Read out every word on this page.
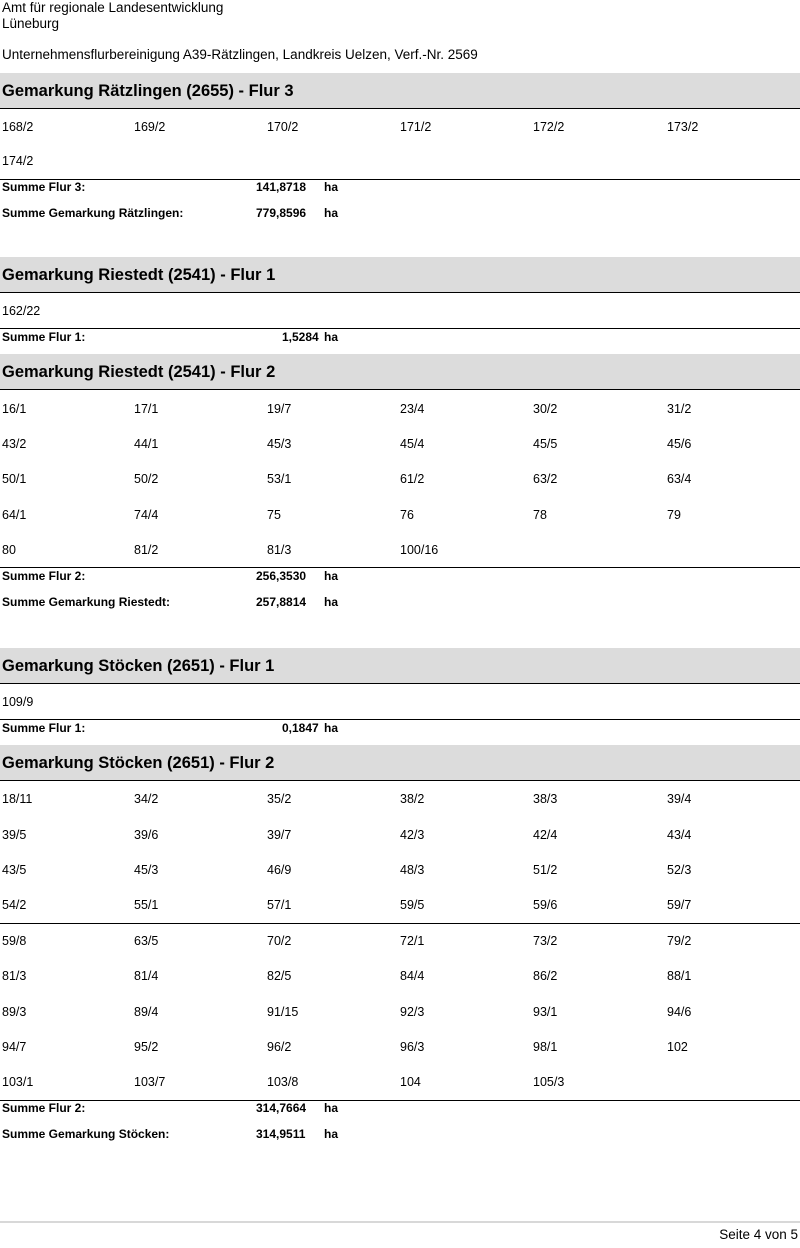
Amt für regionale Landesentwicklung
Lüneburg
Unternehmensflurbereinigung A39-Rätzlingen, Landkreis Uelzen, Verf.-Nr. 2569
Gemarkung Rätzlingen (2655) - Flur 3
168/2	169/2	170/2	171/2	172/2	173/2
174/2
Summe Flur 3:	141,8718 ha
Summe Gemarkung Rätzlingen:	779,8596 ha
Gemarkung Riestedt (2541) - Flur 1
162/22
Summe Flur 1:	1,5284 ha
Gemarkung Riestedt (2541) - Flur 2
16/1	17/1	19/7	23/4	30/2	31/2
43/2	44/1	45/3	45/4	45/5	45/6
50/1	50/2	53/1	61/2	63/2	63/4
64/1	74/4	75	76	78	79
80	81/2	81/3	100/16
Summe Flur 2:	256,3530 ha
Summe Gemarkung Riestedt:	257,8814 ha
Gemarkung Stöcken (2651) - Flur 1
109/9
Summe Flur 1:	0,1847 ha
Gemarkung Stöcken (2651) - Flur 2
18/11	34/2	35/2	38/2	38/3	39/4
39/5	39/6	39/7	42/3	42/4	43/4
43/5	45/3	46/9	48/3	51/2	52/3
54/2	55/1	57/1	59/5	59/6	59/7
59/8	63/5	70/2	72/1	73/2	79/2
81/3	81/4	82/5	84/4	86/2	88/1
89/3	89/4	91/15	92/3	93/1	94/6
94/7	95/2	96/2	96/3	98/1	102
103/1	103/7	103/8	104	105/3
Summe Flur 2:	314,7664 ha
Summe Gemarkung Stöcken:	314,9511 ha
Seite 4 von 5
